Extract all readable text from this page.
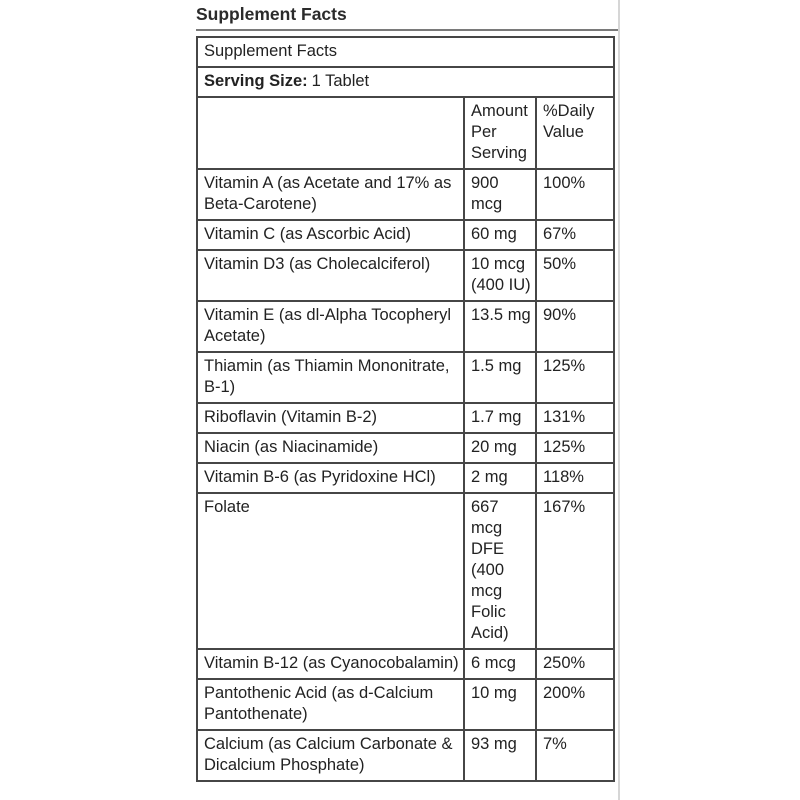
Supplement Facts
Supplement Facts		
Serving Size: 1 Tablet		
	Amount Per Serving	%Daily Value
Vitamin A (as Acetate and 17% as Beta-Carotene)	900 mcg	100%
Vitamin C (as Ascorbic Acid)	60 mg	67%
Vitamin D3 (as Cholecalciferol)	10 mcg (400 IU)	50%
Vitamin E (as dl-Alpha Tocopheryl Acetate)	13.5 mg	90%
Thiamin (as Thiamin Mononitrate, B-1)	1.5 mg	125%
Riboflavin (Vitamin B-2)	1.7 mg	131%
Niacin (as Niacinamide)	20 mg	125%
Vitamin B-6 (as Pyridoxine HCl)	2 mg	118%
Folate	667 mcg DFE (400 mcg Folic Acid)	167%
Vitamin B-12 (as Cyanocobalamin)	6 mcg	250%
Pantothenic Acid (as d-Calcium Pantothenate)	10 mg	200%
Calcium (as Calcium Carbonate & Dicalcium Phosphate)	93 mg	7%
